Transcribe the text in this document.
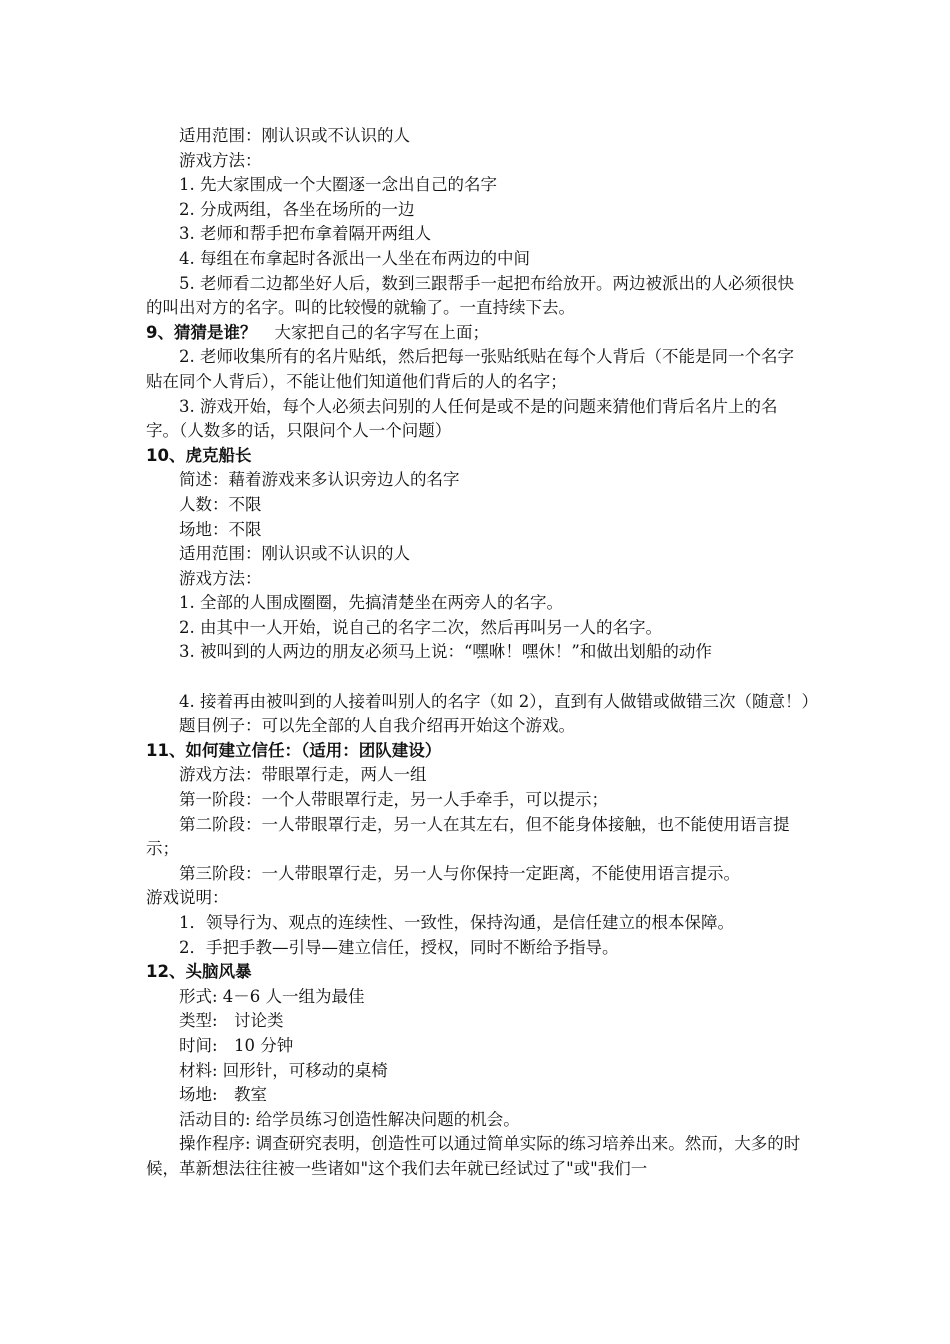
适用范围：刚认识或不认识的人

游戏方法：

1. 先大家围成一个大圈逐一念出自己的名字

2. 分成两组，各坐在场所的一边

3. 老师和帮手把布拿着隔开两组人

4. 每组在布拿起时各派出一人坐在布两边的中间

5. 老师看二边都坐好人后，数到三跟帮手一起把布给放开。两边被派出的人必须很快的叫出对方的名字。叫的比较慢的就输了。一直持续下去。

9、猜猜是谁？ 大家把自己的名字写在上面；

2. 老师收集所有的名片贴纸，然后把每一张贴纸贴在每个人背后（不能是同一个名字贴在同个人背后），不能让他们知道他们背后的人的名字；

3. 游戏开始，每个人必须去问别的人任何是或不是的问题来猜他们背后名片上的名字。（人数多的话，只限问个人一个问题）

10、虎克船长

简述：藉着游戏来多认识旁边人的名字

人数：不限

场地：不限

适用范围：刚认识或不认识的人

游戏方法：

1. 全部的人围成圈圈，先搞清楚坐在两旁人的名字。

2. 由其中一人开始，说自己的名字二次，然后再叫另一人的名字。

3. 被叫到的人两边的朋友必须马上说：“嘿咻！嘿休！”和做出划船的动作

4. 接着再由被叫到的人接着叫别人的名字（如 2），直到有人做错或做错三次（随意！）

题目例子：可以先全部的人自我介绍再开始这个游戏。

11、如何建立信任：（适用：团队建设）

游戏方法：带眼罩行走，两人一组

第一阶段：一个人带眼罩行走，另一人手牵手，可以提示；

第二阶段：一人带眼罩行走，另一人在其左右，但不能身体接触，也不能使用语言提示；

第三阶段：一人带眼罩行走，另一人与你保持一定距离，不能使用语言提示。

游戏说明：

1．领导行为、观点的连续性、一致性，保持沟通，是信任建立的根本保障。

2．手把手教—引导—建立信任，授权，同时不断给予指导。

12、头脑风暴

形式: 4－6 人一组为最佳

类型:　讨论类

时间:　10 分钟

材料: 回形针，可移动的桌椅

场地:　教室

活动目的: 给学员练习创造性解决问题的机会。

操作程序: 调查研究表明，创造性可以通过简单实际的练习培养出来。然而，大多的时候，革新想法往往被一些诸如"这个我们去年就已经试过了"或"我们一
